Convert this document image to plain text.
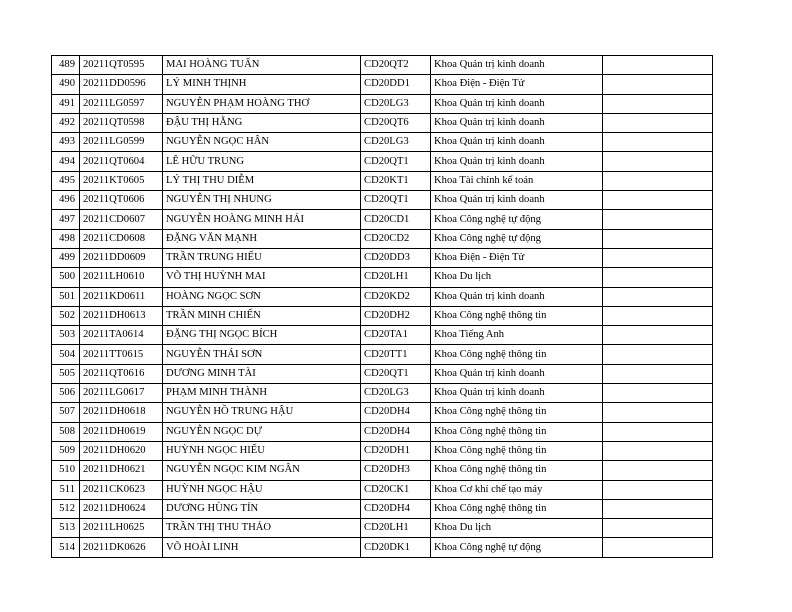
489	20211QT0595	MAI HOÀNG TUẤN	CD20QT2	Khoa Quản trị kinh doanh	
490	20211DD0596	LÝ MINH THỊNH	CD20DD1	Khoa Điện - Điện Tử	
491	20211LG0597	NGUYỄN PHẠM HOÀNG THƠ	CD20LG3	Khoa Quản trị kinh doanh	
492	20211QT0598	ĐẬU THỊ HẰNG	CD20QT6	Khoa Quản trị kinh doanh	
493	20211LG0599	NGUYỄN NGỌC HÂN	CD20LG3	Khoa Quản trị kinh doanh	
494	20211QT0604	LÊ HỮU TRUNG	CD20QT1	Khoa Quản trị kinh doanh	
495	20211KT0605	LÝ THỊ THU DIỄM	CD20KT1	Khoa Tài chính kế toán	
496	20211QT0606	NGUYỄN THỊ NHUNG	CD20QT1	Khoa Quản trị kinh doanh	
497	20211CD0607	NGUYỄN HOÀNG MINH HẢI	CD20CD1	Khoa Công nghệ tự động	
498	20211CD0608	ĐẶNG VĂN MẠNH	CD20CD2	Khoa Công nghệ tự động	
499	20211DD0609	TRẦN TRUNG HIẾU	CD20DD3	Khoa Điện - Điện Tử	
500	20211LH0610	VÕ THỊ HUỲNH MAI	CD20LH1	Khoa Du lịch	
501	20211KD0611	HOÀNG NGỌC SƠN	CD20KD2	Khoa Quản trị kinh doanh	
502	20211DH0613	TRẦN MINH CHIẾN	CD20DH2	Khoa Công nghệ thông tin	
503	20211TA0614	ĐẶNG THỊ NGỌC BÍCH	CD20TA1	Khoa Tiếng Anh	
504	20211TT0615	NGUYỄN THÁI SƠN	CD20TT1	Khoa Công nghệ thông tin	
505	20211QT0616	DƯƠNG MINH TÀI	CD20QT1	Khoa Quản trị kinh doanh	
506	20211LG0617	PHẠM MINH THÀNH	CD20LG3	Khoa Quản trị kinh doanh	
507	20211DH0618	NGUYỄN HỒ TRUNG HẬU	CD20DH4	Khoa Công nghệ thông tin	
508	20211DH0619	NGUYỄN NGỌC DỰ	CD20DH4	Khoa Công nghệ thông tin	
509	20211DH0620	HUỲNH NGỌC HIẾU	CD20DH1	Khoa Công nghệ thông tin	
510	20211DH0621	NGUYỄN NGỌC KIM NGÂN	CD20DH3	Khoa Công nghệ thông tin	
511	20211CK0623	HUỲNH NGỌC HẬU	CD20CK1	Khoa Cơ khí chế tạo máy	
512	20211DH0624	DƯƠNG HÙNG TÍN	CD20DH4	Khoa Công nghệ thông tin	
513	20211LH0625	TRẦN THỊ THU THẢO	CD20LH1	Khoa Du lịch	
514	20211DK0626	VÕ HOÀI LINH	CD20DK1	Khoa Công nghệ tự động	
